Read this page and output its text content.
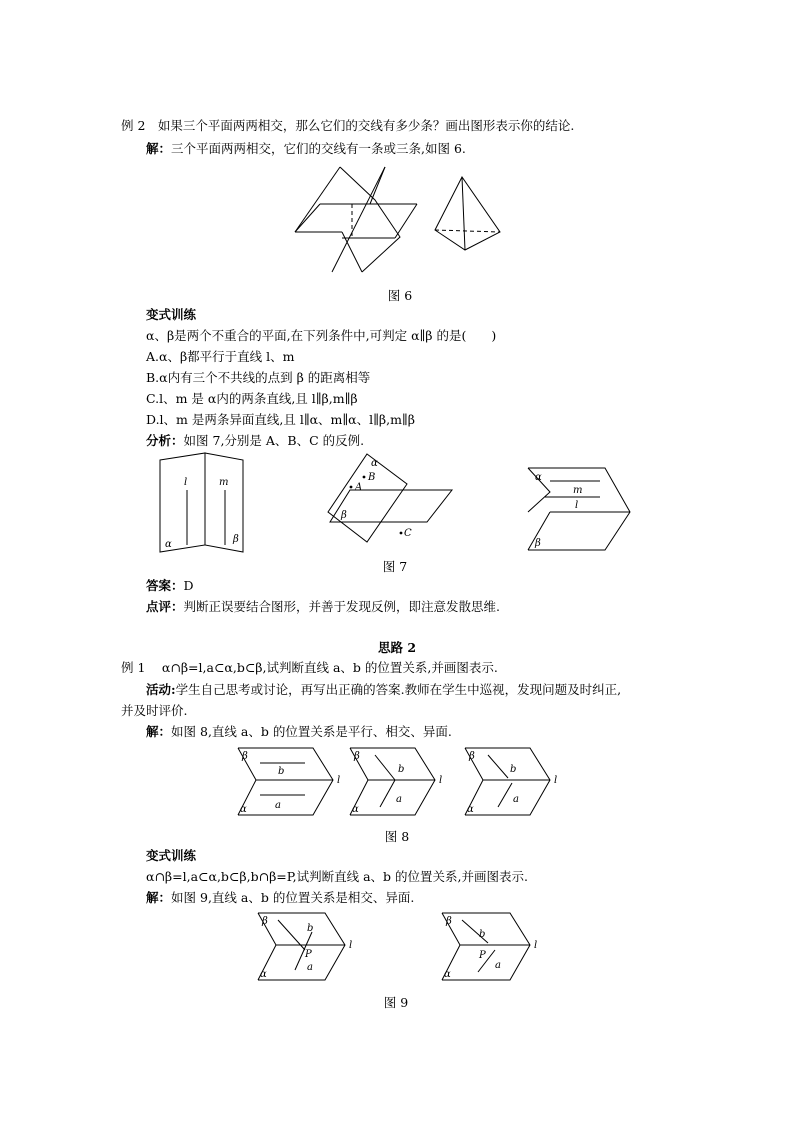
例 2　如果三个平面两两相交，那么它们的交线有多少条？画出图形表示你的结论.
解：三个平面两两相交，它们的交线有一条或三条,如图 6.
图 6
变式训练
α、β是两个不重合的平面,在下列条件中,可判定 α∥β 的是(　　)
A.α、β都平行于直线 l、m
B.α内有三个不共线的点到 β 的距离相等
C.l、m 是 α内的两条直线,且 l∥β,m∥β
D.l、m 是两条异面直线,且 l∥α、m∥α、l∥β,m∥β
分析：如图 7,分别是 A、B、C 的反例.
l	m
α	β
α
B
A
β
C
α
m
l
β
图 7
答案：D
点评：判断正误要结合图形，并善于发现反例，即注意发散思维.
思路 2
例 1　 α∩β=l,a⊂α,b⊂β,试判断直线 a、b 的位置关系,并画图表示.
活动:学生自己思考或讨论，再写出正确的答案.教师在学生中巡视，发现问题及时纠正,
并及时评价.
解：如图 8,直线 a、b 的位置关系是平行、相交、异面.
β
b
l
a
α
β
b
l
a
α
β
b
l
a
α
图 8
变式训练
α∩β=l,a⊂α,b⊂β,b∩β=P,试判断直线 a、b 的位置关系,并画图表示.
解：如图 9,直线 a、b 的位置关系是相交、异面.
β
b
l
P
a
α
β
b
l
P
a
α
图 9
